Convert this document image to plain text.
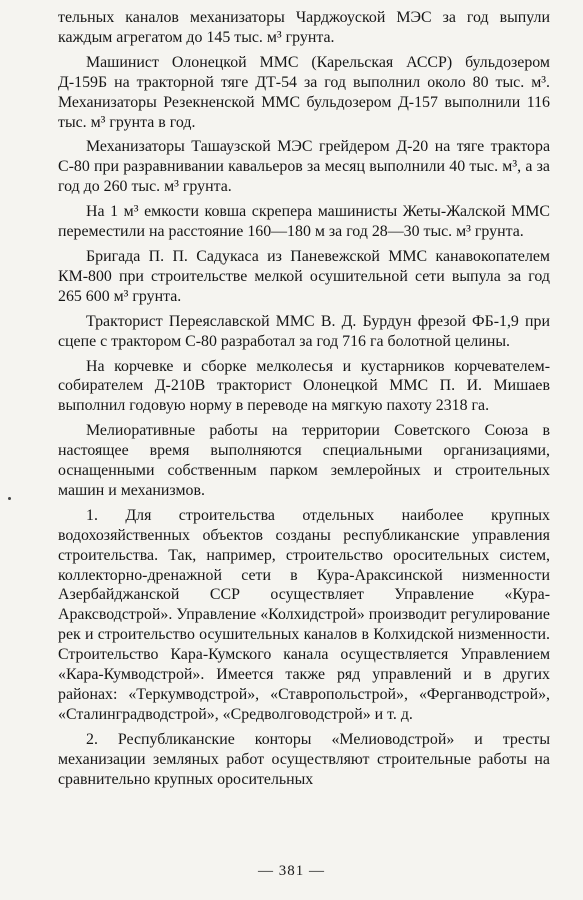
тельных каналов механизаторы Чарджоуской МЭС за год выпули каждым агрегатом до 145 тыс. м³ грунта.

Машинист Олонецкой ММС (Карельская АССР) бульдозером Д-159Б на тракторной тяге ДТ-54 за год выполнил около 80 тыс. м³. Механизаторы Резекненской ММС бульдозером Д-157 выполнили 116 тыс. м³ грунта в год.

Механизаторы Ташаузской МЭС грейдером Д-20 на тяге трактора С-80 при разравнивании кавальеров за месяц выполнили 40 тыс. м³, а за год до 260 тыс. м³ грунта.

На 1 м³ емкости ковша скрепера машинисты Жеты-Жалской ММС переместили на расстояние 160—180 м за год 28—30 тыс. м³ грунта.

Бригада П. П. Садукаса из Паневежской ММС канавокопателем КМ-800 при строительстве мелкой осушительной сети выпула за год 265 600 м³ грунта.

Тракторист Переяславской ММС В. Д. Бурдун фрезой ФБ-1,9 при сцепе с трактором С-80 разработал за год 716 га болотной целины.

На корчевке и сборке мелколесья и кустарников корчевателем-собирателем Д-210В тракторист Олонецкой ММС П. И. Мишаев выполнил годовую норму в переводе на мягкую пахоту 2318 га.

Мелиоративные работы на территории Советского Союза в настоящее время выполняются специальными организациями, оснащенными собственным парком землеройных и строительных машин и механизмов.

1. Для строительства отдельных наиболее крупных водохозяйственных объектов созданы республиканские управления строительства. Так, например, строительство оросительных систем, коллекторно-дренажной сети в Кура-Араксинской низменности Азербайджанской ССР осуществляет Управление «Кура-Араксводстрой». Управление «Колхидстрой» производит регулирование рек и строительство осушительных каналов в Колхидской низменности. Строительство Кара-Кумского канала осуществляется Управлением «Кара-Кумводстрой». Имеется также ряд управлений и в других районах: «Теркумводстрой», «Ставропольстрой», «Ферганводстрой», «Сталинградводстрой», «Средволговодстрой» и т. д.

2. Республиканские конторы «Мелиоводстрой» и тресты механизации земляных работ осуществляют строительные работы на сравнительно крупных оросительных

— 381 —
